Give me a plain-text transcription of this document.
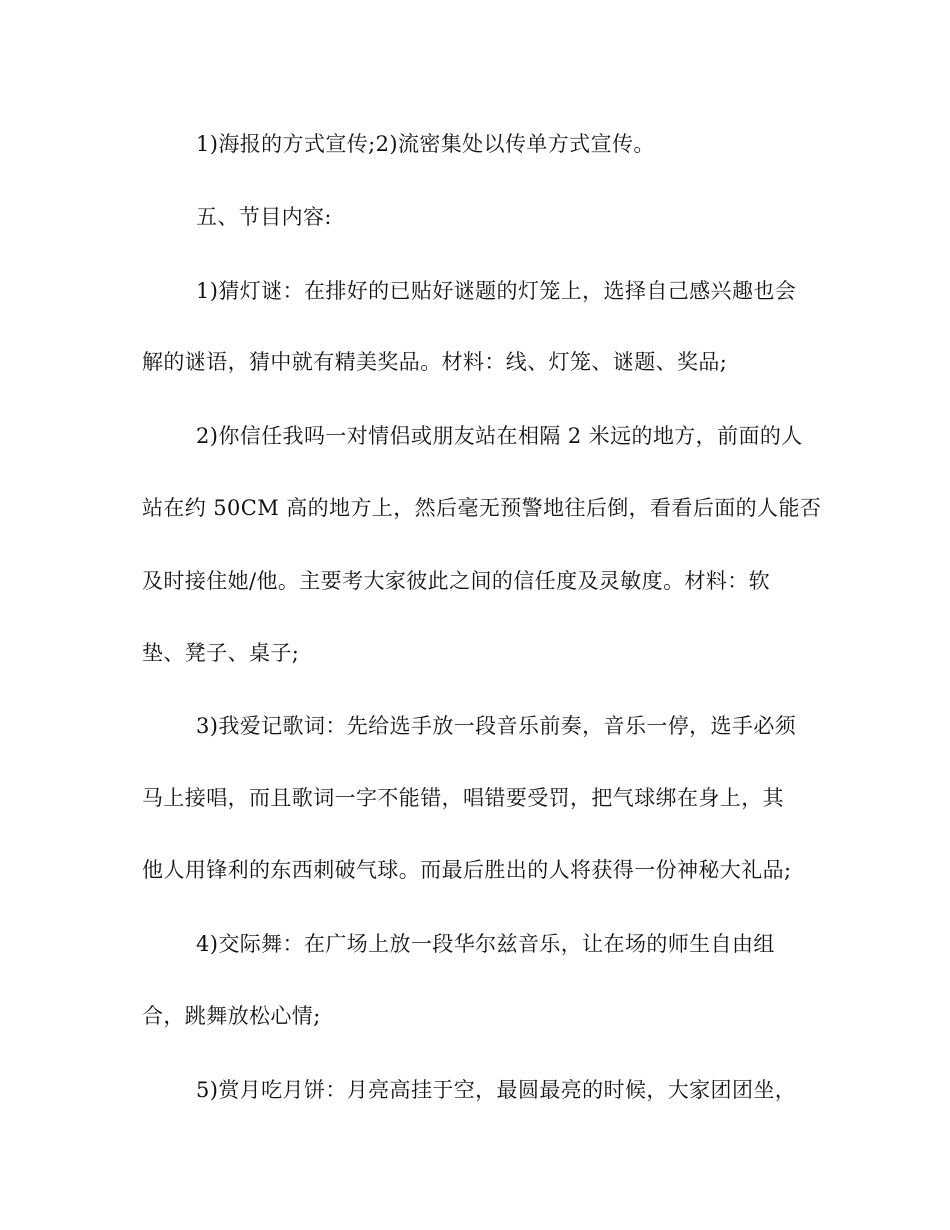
1)海报的方式宣传;2)流密集处以传单方式宣传。
五、节目内容:
1)猜灯谜：在排好的已贴好谜题的灯笼上，选择自己感兴趣也会
解的谜语，猜中就有精美奖品。材料：线、灯笼、谜题、奖品;
2)你信任我吗一对情侣或朋友站在相隔 2 米远的地方，前面的人
站在约 50CM 高的地方上，然后毫无预警地往后倒，看看后面的人能否
及时接住她/他。主要考大家彼此之间的信任度及灵敏度。材料：软
垫、凳子、桌子;
3)我爱记歌词：先给选手放一段音乐前奏，音乐一停，选手必须
马上接唱，而且歌词一字不能错，唱错要受罚，把气球绑在身上，其
他人用锋利的东西刺破气球。而最后胜出的人将获得一份神秘大礼品;
4)交际舞：在广场上放一段华尔兹音乐，让在场的师生自由组
合，跳舞放松心情;
5)赏月吃月饼：月亮高挂于空，最圆最亮的时候，大家团团坐，
